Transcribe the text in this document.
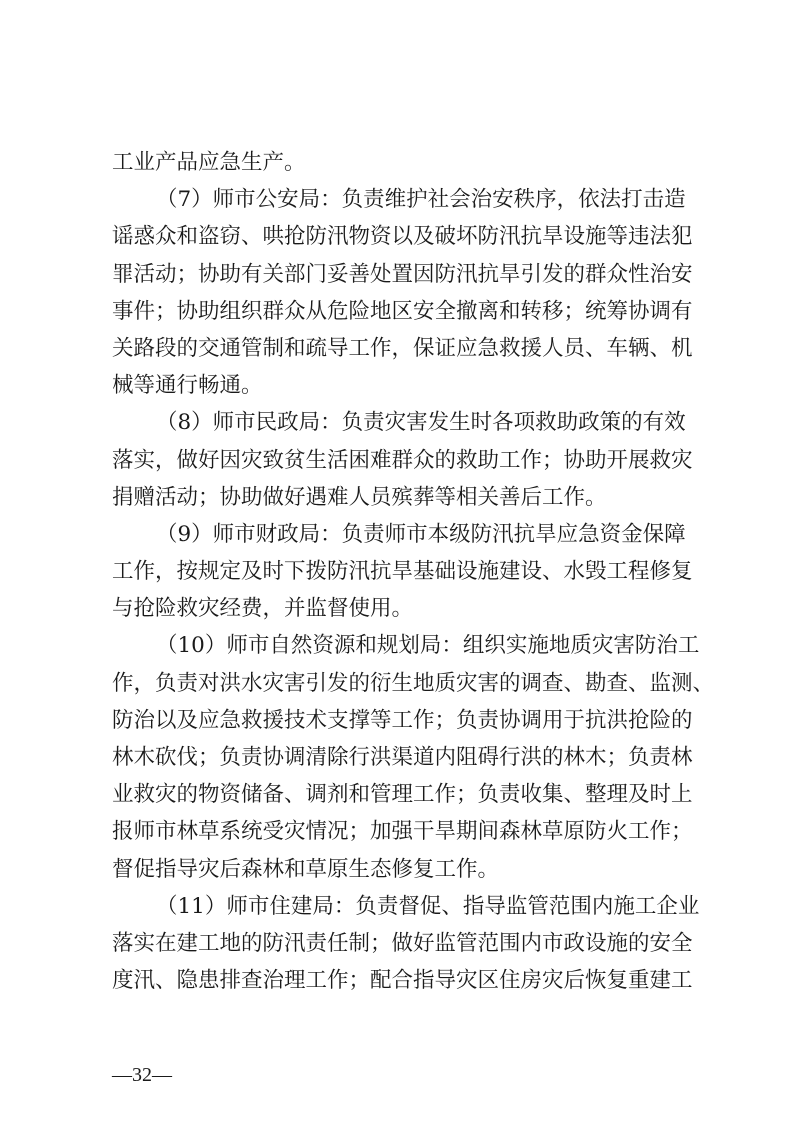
工业产品应急生产。
（7）师市公安局：负责维护社会治安秩序，依法打击造
谣惑众和盗窃、哄抢防汛物资以及破坏防汛抗旱设施等违法犯
罪活动；协助有关部门妥善处置因防汛抗旱引发的群众性治安
事件；协助组织群众从危险地区安全撤离和转移；统筹协调有
关路段的交通管制和疏导工作，保证应急救援人员、车辆、机
械等通行畅通。
（8）师市民政局：负责灾害发生时各项救助政策的有效
落实，做好因灾致贫生活困难群众的救助工作；协助开展救灾
捐赠活动；协助做好遇难人员殡葬等相关善后工作。
（9）师市财政局：负责师市本级防汛抗旱应急资金保障
工作，按规定及时下拨防汛抗旱基础设施建设、水毁工程修复
与抢险救灾经费，并监督使用。
（10）师市自然资源和规划局：组织实施地质灾害防治工
作，负责对洪水灾害引发的衍生地质灾害的调查、勘查、监测、
防治以及应急救援技术支撑等工作；负责协调用于抗洪抢险的
林木砍伐；负责协调清除行洪渠道内阻碍行洪的林木；负责林
业救灾的物资储备、调剂和管理工作；负责收集、整理及时上
报师市林草系统受灾情况；加强干旱期间森林草原防火工作；
督促指导灾后森林和草原生态修复工作。
（11）师市住建局：负责督促、指导监管范围内施工企业
落实在建工地的防汛责任制；做好监管范围内市政设施的安全
度汛、隐患排查治理工作；配合指导灾区住房灾后恢复重建工
—32—
